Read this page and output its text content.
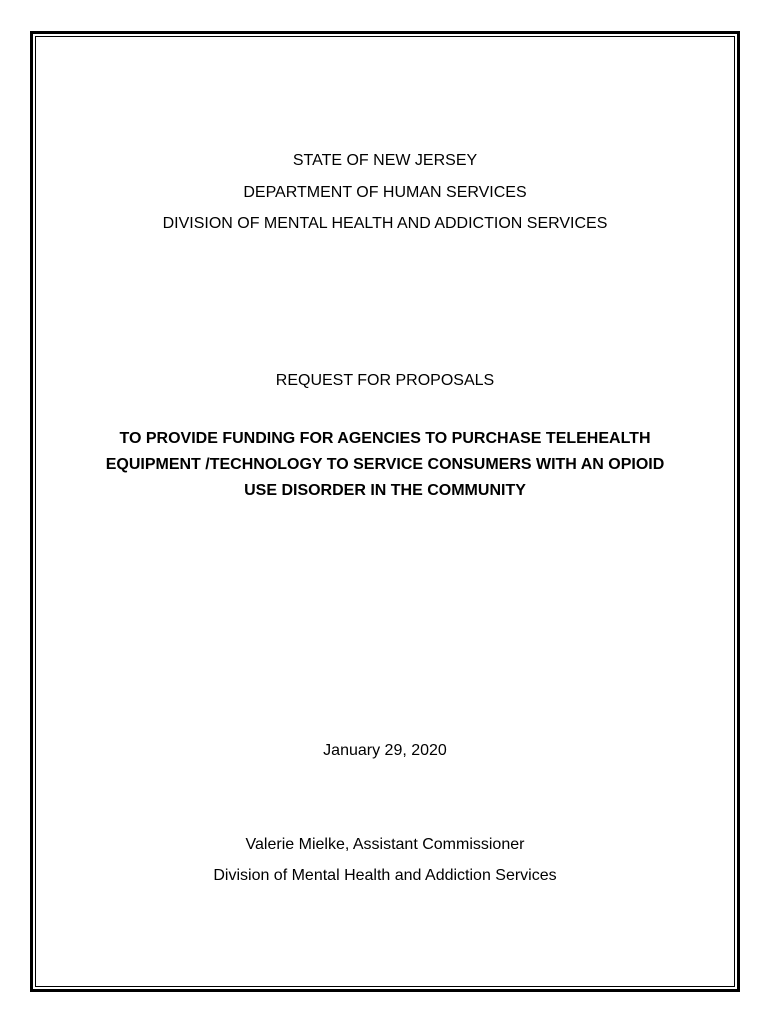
STATE OF NEW JERSEY
DEPARTMENT OF HUMAN SERVICES
DIVISION OF MENTAL HEALTH AND ADDICTION SERVICES
REQUEST FOR PROPOSALS
TO PROVIDE FUNDING FOR AGENCIES TO PURCHASE TELEHEALTH
EQUIPMENT /TECHNOLOGY TO SERVICE CONSUMERS WITH AN OPIOID
USE DISORDER IN THE COMMUNITY
January 29, 2020
Valerie Mielke, Assistant Commissioner
Division of Mental Health and Addiction Services
